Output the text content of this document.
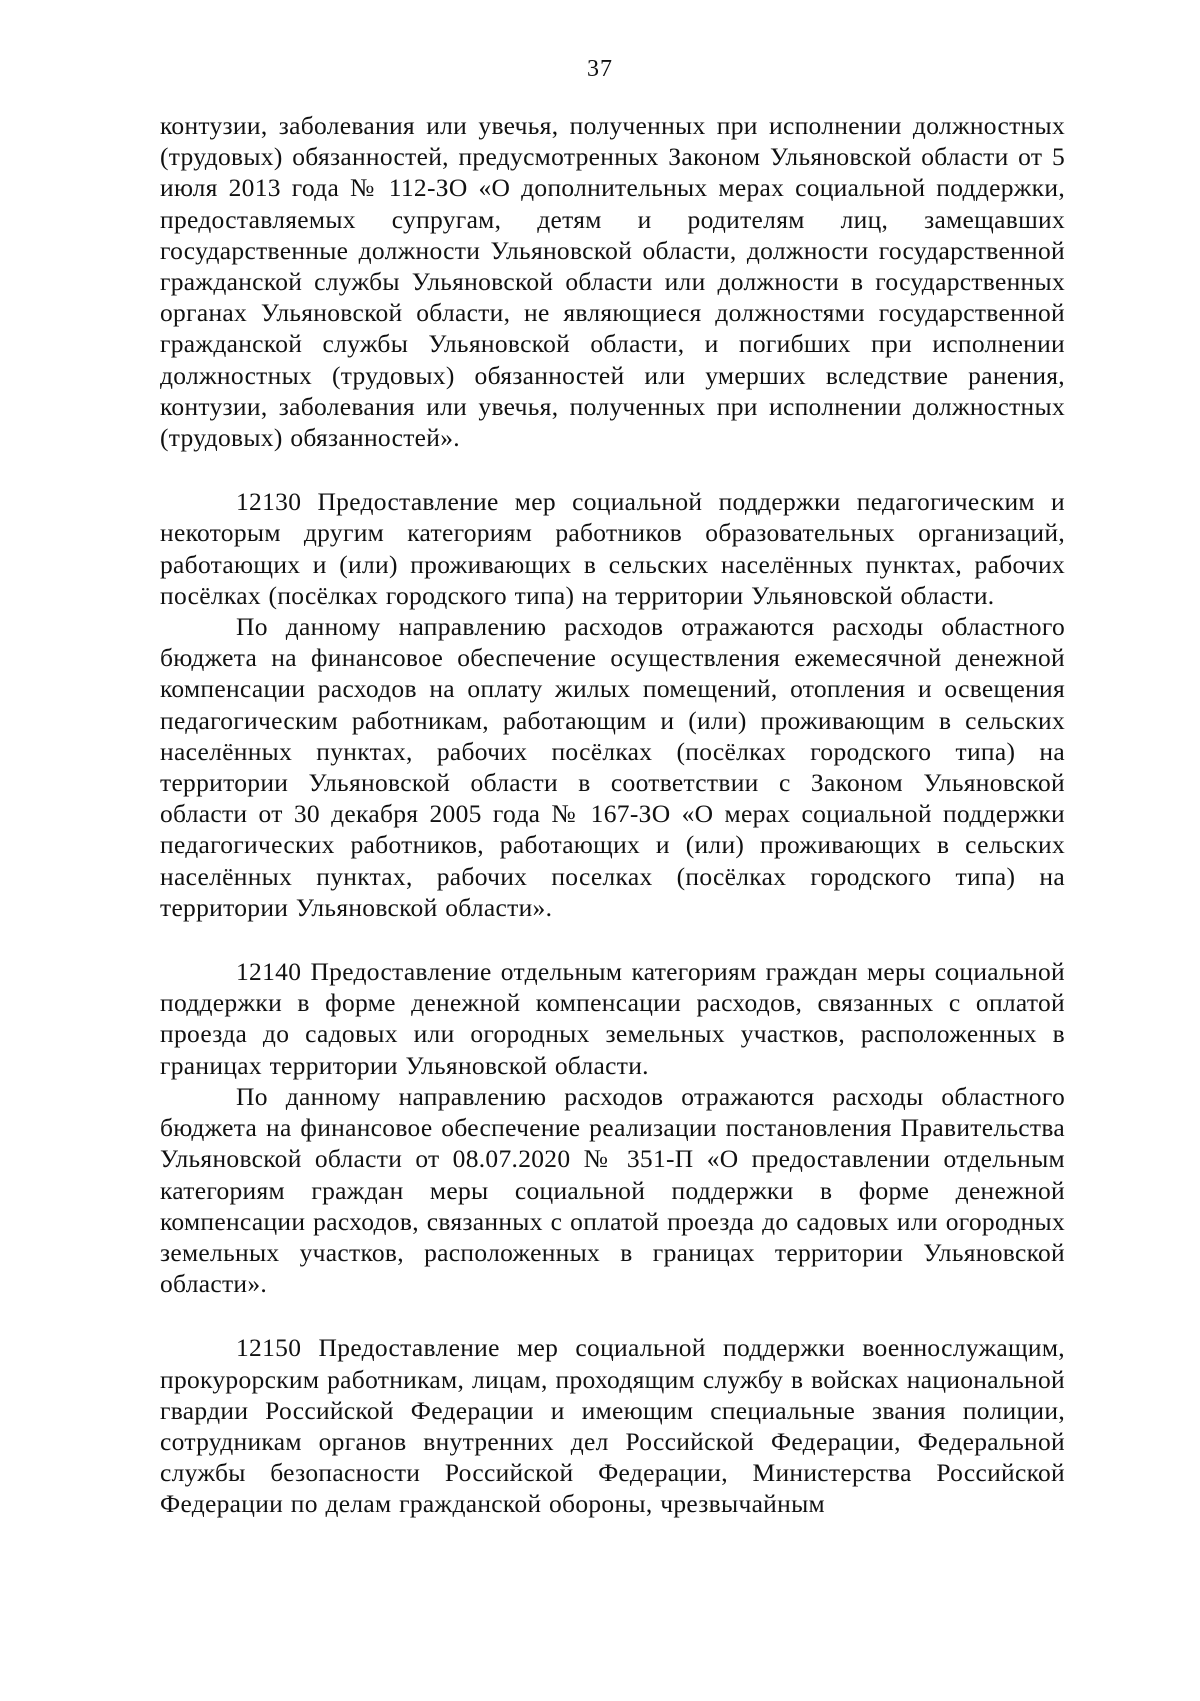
37

контузии, заболевания или увечья, полученных при исполнении должностных (трудовых) обязанностей, предусмотренных Законом Ульяновской области от 5 июля 2013 года № 112-ЗО «О дополнительных мерах социальной поддержки, предоставляемых супругам, детям и родителям лиц, замещавших государственные должности Ульяновской области, должности государственной гражданской службы Ульяновской области или должности в государственных органах Ульяновской области, не являющиеся должностями государственной гражданской службы Ульяновской области, и погибших при исполнении должностных (трудовых) обязанностей или умерших вследствие ранения, контузии, заболевания или увечья, полученных при исполнении должностных (трудовых) обязанностей».

12130 Предоставление мер социальной поддержки педагогическим и некоторым другим категориям работников образовательных организаций, работающих и (или) проживающих в сельских населённых пунктах, рабочих посёлках (посёлках городского типа) на территории Ульяновской области.

По данному направлению расходов отражаются расходы областного бюджета на финансовое обеспечение осуществления ежемесячной денежной компенсации расходов на оплату жилых помещений, отопления и освещения педагогическим работникам, работающим и (или) проживающим в сельских населённых пунктах, рабочих посёлках (посёлках городского типа) на территории Ульяновской области в соответствии с Законом Ульяновской области от 30 декабря 2005 года № 167-ЗО «О мерах социальной поддержки педагогических работников, работающих и (или) проживающих в сельских населённых пунктах, рабочих поселках (посёлках городского типа) на территории Ульяновской области».

12140 Предоставление отдельным категориям граждан меры социальной поддержки в форме денежной компенсации расходов, связанных с оплатой проезда до садовых или огородных земельных участков, расположенных в границах территории Ульяновской области.

По данному направлению расходов отражаются расходы областного бюджета на финансовое обеспечение реализации постановления Правительства Ульяновской области от 08.07.2020 № 351-П «О предоставлении отдельным категориям граждан меры социальной поддержки в форме денежной компенсации расходов, связанных с оплатой проезда до садовых или огородных земельных участков, расположенных в границах территории Ульяновской области».

12150 Предоставление мер социальной поддержки военнослужащим, прокурорским работникам, лицам, проходящим службу в войсках национальной гвардии Российской Федерации и имеющим специальные звания полиции, сотрудникам органов внутренних дел Российской Федерации, Федеральной службы безопасности Российской Федерации, Министерства Российской Федерации по делам гражданской обороны, чрезвычайным
